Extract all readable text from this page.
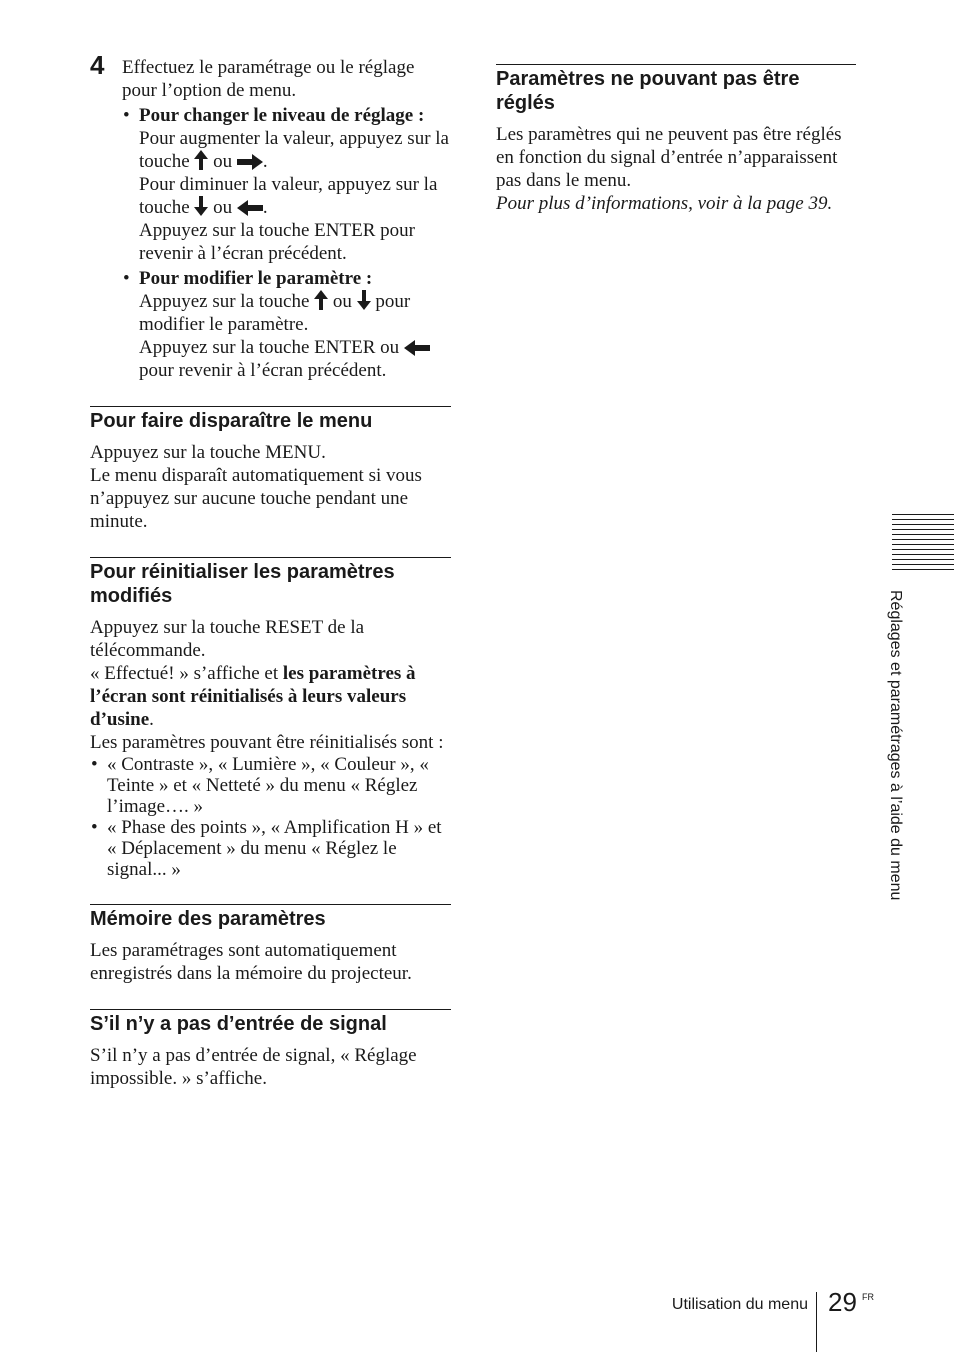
4 Effectuez le paramétrage ou le réglage pour l’option de menu.
• Pour changer le niveau de réglage :
Pour augmenter la valeur, appuyez sur la touche ou .
Pour diminuer la valeur, appuyez sur la touche ou .
Appuyez sur la touche ENTER pour revenir à l’écran précédent.
• Pour modifier le paramètre :
Appuyez sur la touche ou pour modifier le paramètre.
Appuyez sur la touche ENTER ou  pour revenir à l’écran précédent.
Pour faire disparaître le menu

Appuyez sur la touche MENU.

Le menu disparaît automatiquement si vous n’appuyez sur aucune touche pendant une minute.

Pour réinitialiser les paramètres modifiés

Appuyez sur la touche RESET de la télécommande.

« Effectué! » s’affiche et les paramètres à l’écran sont réinitialisés à leurs valeurs d’usine.

Les paramètres pouvant être réinitialisés sont :

• « Contraste », « Lumière », « Couleur », « Teinte » et « Netteté » du menu « Réglez l’image…. »
• « Phase des points », « Amplification H » et « Déplacement » du menu « Réglez le signal... »
Mémoire des paramètres

Les paramétrages sont automatiquement enregistrés dans la mémoire du projecteur.

S’il n’y a pas d’entrée de signal

S’il n’y a pas d’entrée de signal, « Réglage impossible. » s’affiche.

Paramètres ne pouvant pas être réglés

Les paramètres qui ne peuvent pas être réglés en fonction du signal d’entrée n’apparaissent pas dans le menu.

Pour plus d’informations, voir à la page 39.

Réglages et paramétrages à l’aide du menu
Utilisation du menu 29 FR
